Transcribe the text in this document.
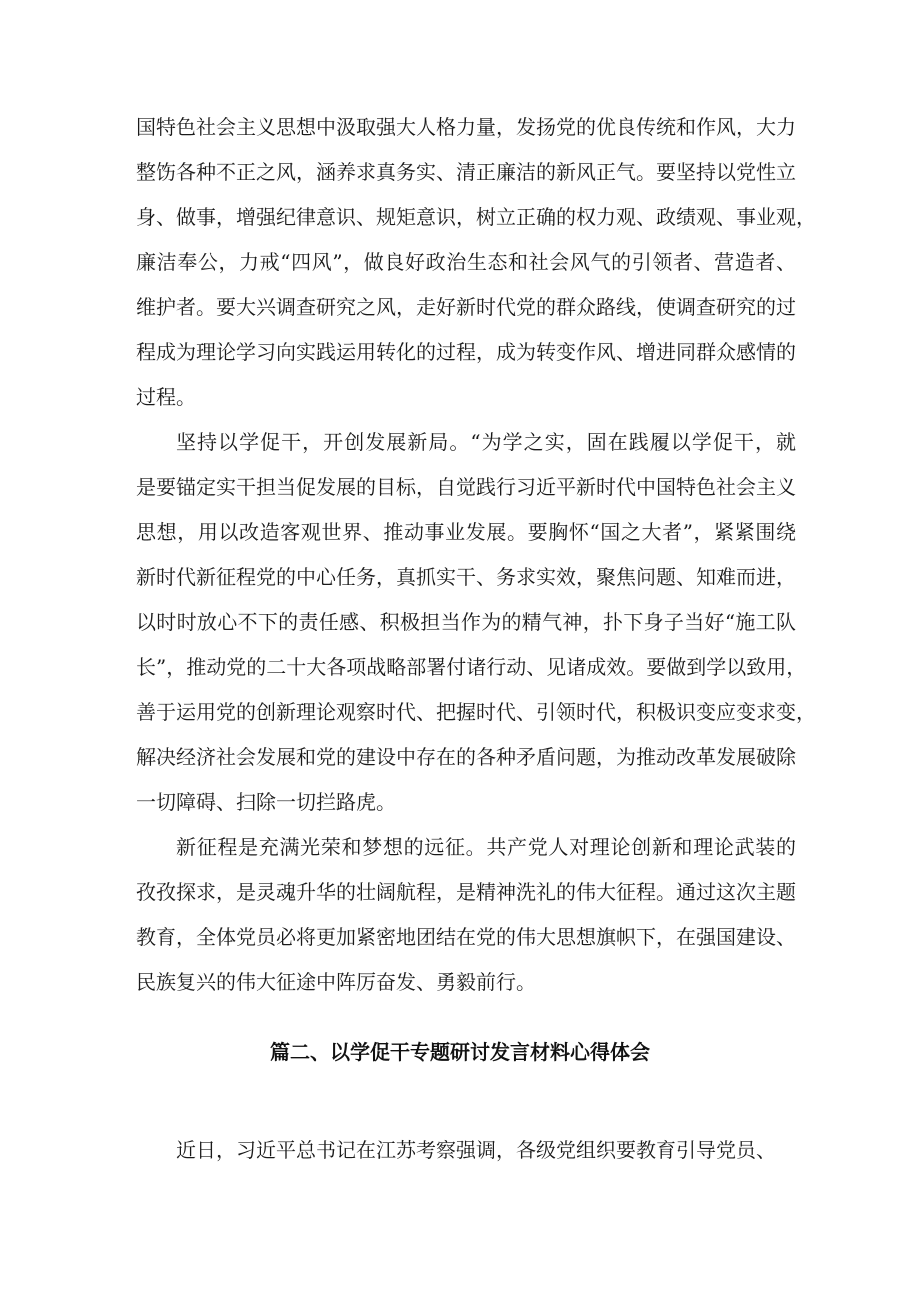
国特色社会主义思想中汲取强大人格力量，发扬党的优良传统和作风，大力
整饬各种不正之风，涵养求真务实、清正廉洁的新风正气。要坚持以党性立
身、做事，增强纪律意识、规矩意识，树立正确的权力观、政绩观、事业观，
廉洁奉公，力戒“四风”，做良好政治生态和社会风气的引领者、营造者、
维护者。要大兴调查研究之风，走好新时代党的群众路线，使调查研究的过
程成为理论学习向实践运用转化的过程，成为转变作风、增进同群众感情的
过程。
坚持以学促干，开创发展新局。“为学之实，固在践履以学促干，就
是要锚定实干担当促发展的目标，自觉践行习近平新时代中国特色社会主义
思想，用以改造客观世界、推动事业发展。要胸怀“国之大者”，紧紧围绕
新时代新征程党的中心任务，真抓实干、务求实效，聚焦问题、知难而进，
以时时放心不下的责任感、积极担当作为的精气神，扑下身子当好“施工队
长”，推动党的二十大各项战略部署付诸行动、见诸成效。要做到学以致用，
善于运用党的创新理论观察时代、把握时代、引领时代，积极识变应变求变，
解决经济社会发展和党的建设中存在的各种矛盾问题，为推动改革发展破除
一切障碍、扫除一切拦路虎。
新征程是充满光荣和梦想的远征。共产党人对理论创新和理论武装的
孜孜探求，是灵魂升华的壮阔航程，是精神洗礼的伟大征程。通过这次主题
教育，全体党员必将更加紧密地团结在党的伟大思想旗帜下，在强国建设、
民族复兴的伟大征途中阵厉奋发、勇毅前行。
篇二、以学促干专题研讨发言材料心得体会
近日，习近平总书记在江苏考察强调，各级党组织要教育引导党员、
